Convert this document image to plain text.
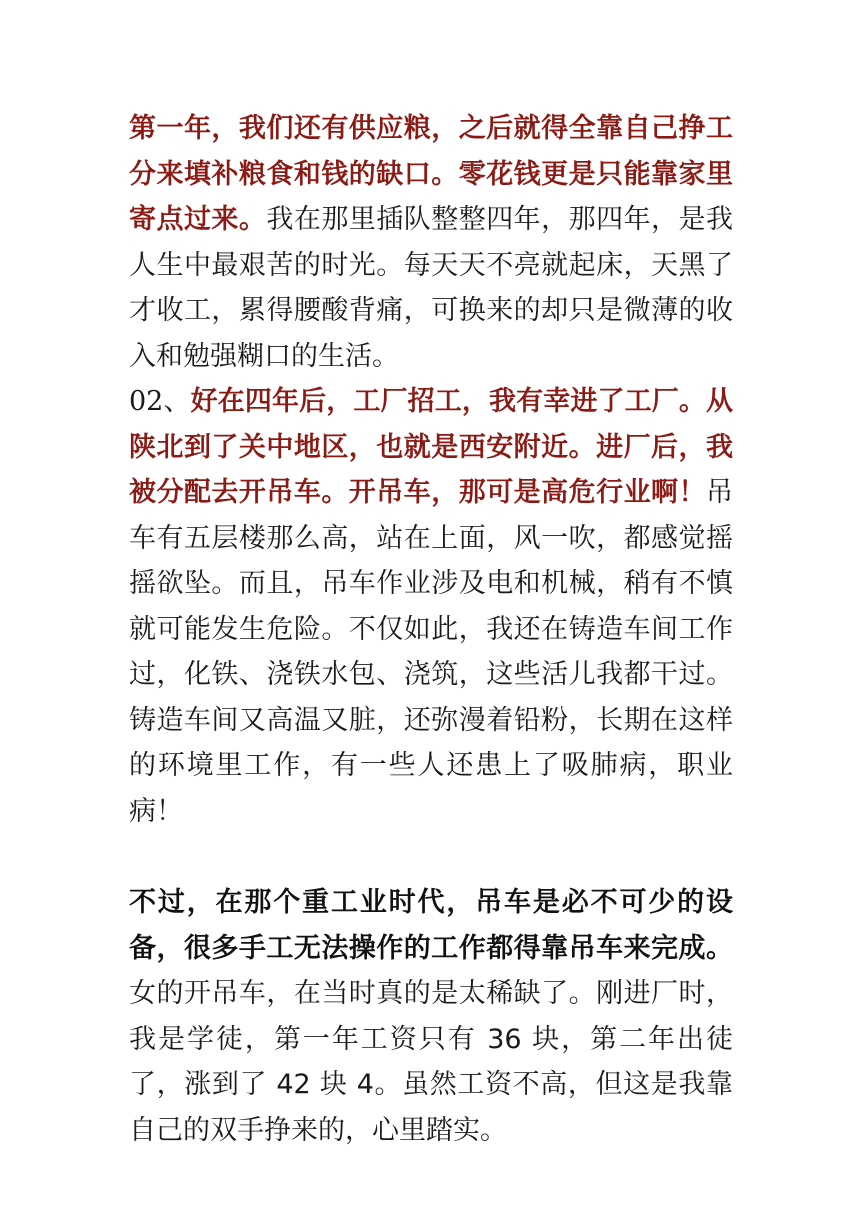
第一年，我们还有供应粮，之后就得全靠自己挣工分来填补粮食和钱的缺口。零花钱更是只能靠家里寄点过来。我在那里插队整整四年，那四年，是我人生中最艰苦的时光。每天天不亮就起床，天黑了才收工，累得腰酸背痛，可换来的却只是微薄的收入和勉强糊口的生活。

02、好在四年后，工厂招工，我有幸进了工厂。从陕北到了关中地区，也就是西安附近。进厂后，我被分配去开吊车。开吊车，那可是高危行业啊！吊车有五层楼那么高，站在上面，风一吹，都感觉摇摇欲坠。而且，吊车作业涉及电和机械，稍有不慎就可能发生危险。不仅如此，我还在铸造车间工作过，化铁、浇铁水包、浇筑，这些活儿我都干过。铸造车间又高温又脏，还弥漫着铅粉，长期在这样的环境里工作，有一些人还患上了吸肺病，职业病！

不过，在那个重工业时代，吊车是必不可少的设备，很多手工无法操作的工作都得靠吊车来完成。女的开吊车，在当时真的是太稀缺了。刚进厂时，我是学徒，第一年工资只有 36 块，第二年出徒了，涨到了 42 块 4。虽然工资不高，但这是我靠自己的双手挣来的，心里踏实。
